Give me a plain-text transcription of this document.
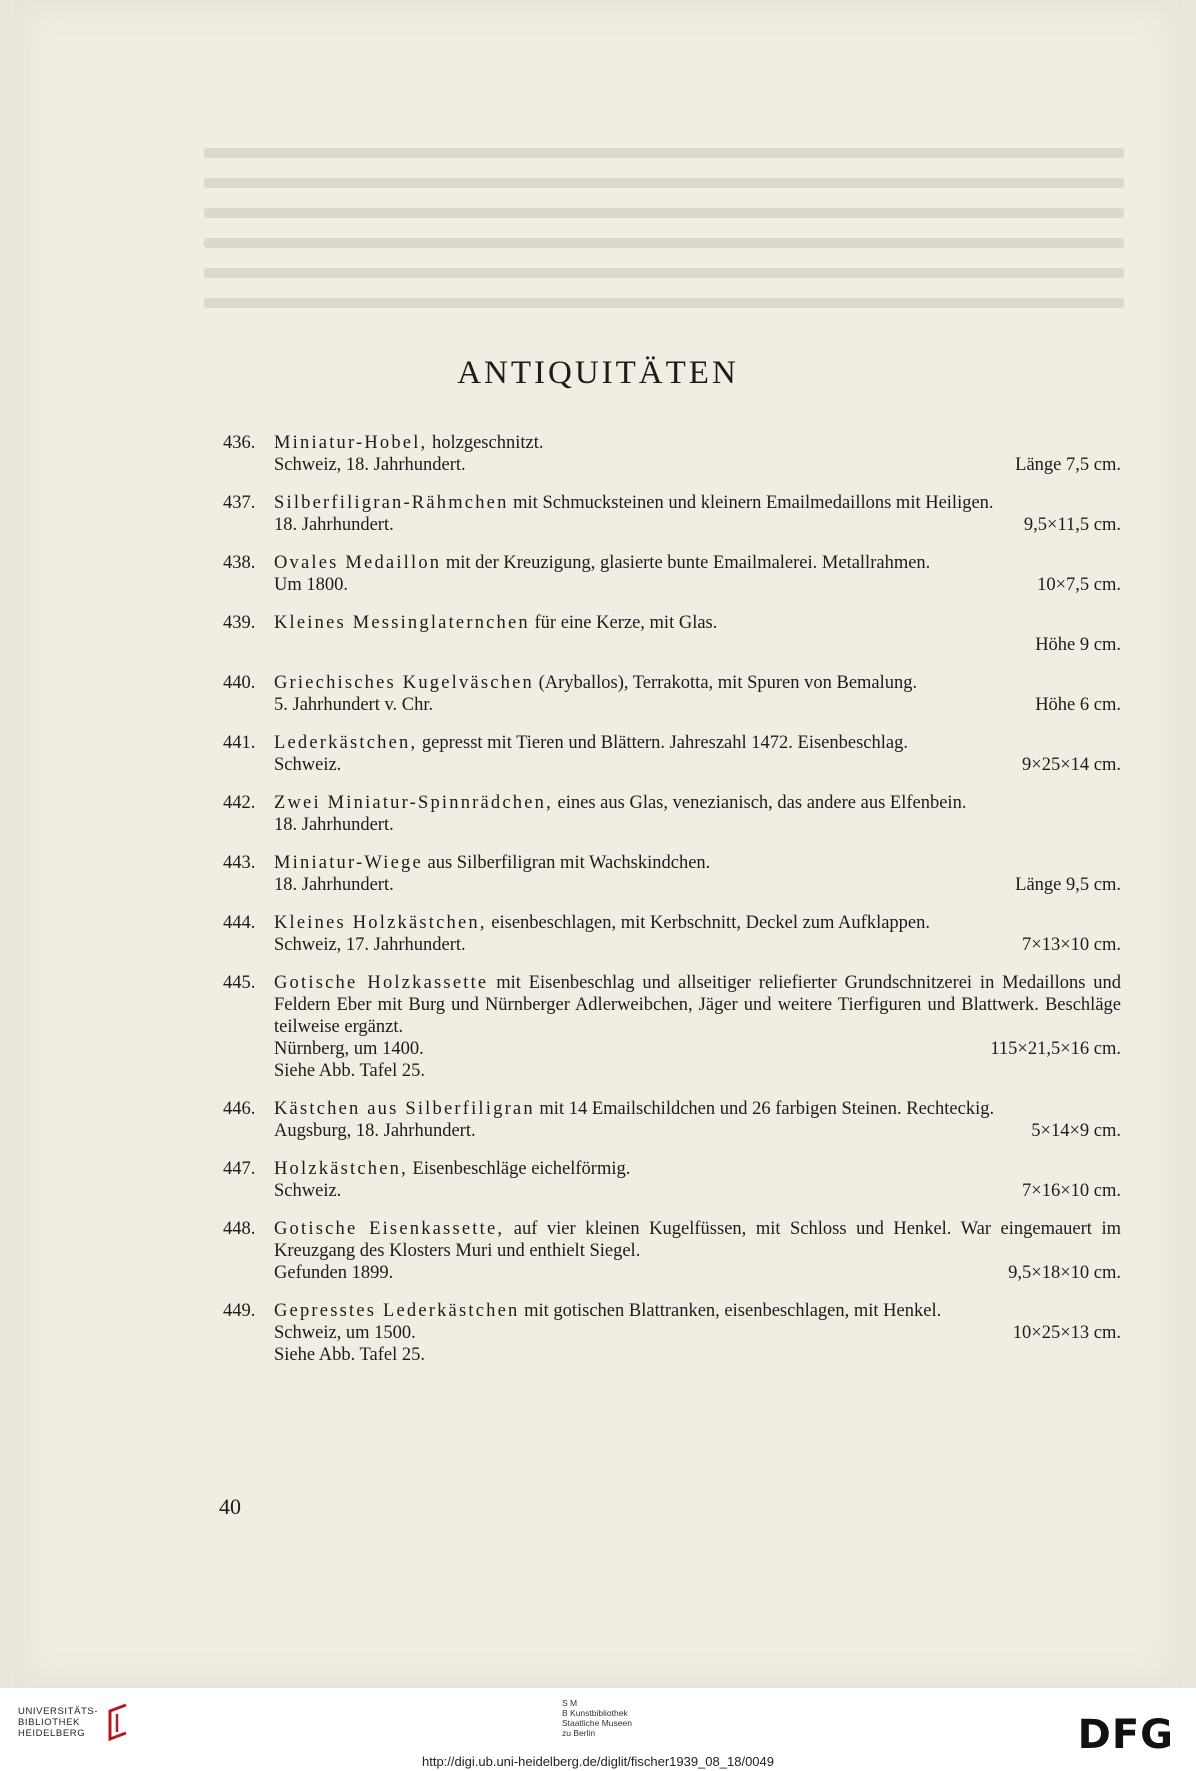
ANTIQUITÄTEN
436.	Miniatur-Hobel, holzgeschnitzt.
Schweiz, 18. Jahrhundert.	Länge 7,5 cm.
437.	Silberfiligran-Rähmchen mit Schmucksteinen und kleinern Emailmedaillons mit Heiligen.
18. Jahrhundert.	9,5×11,5 cm.
438.	Ovales Medaillon mit der Kreuzigung, glasierte bunte Emailmalerei. Metallrahmen.
Um 1800.	10×7,5 cm.
439.	Kleines Messinglaternchen für eine Kerze, mit Glas.
Höhe 9 cm.
440.	Griechisches Kugelväschen (Aryballos), Terrakotta, mit Spuren von Bemalung.
5. Jahrhundert v. Chr.	Höhe 6 cm.
441.	Lederkästchen, gepresst mit Tieren und Blättern. Jahreszahl 1472. Eisenbeschlag.
Schweiz.	9×25×14 cm.
442.	Zwei Miniatur-Spinnrädchen, eines aus Glas, venezianisch, das andere aus Elfenbein.
18. Jahrhundert.
443.	Miniatur-Wiege aus Silberfiligran mit Wachskindchen.
18. Jahrhundert.	Länge 9,5 cm.
444.	Kleines Holzkästchen, eisenbeschlagen, mit Kerbschnitt, Deckel zum Aufklappen.
Schweiz, 17. Jahrhundert.	7×13×10 cm.
445.	Gotische Holzkassette mit Eisenbeschlag und allseitiger reliefierter Grundschnitzerei in Medaillons und Feldern Eber mit Burg und Nürnberger Adlerweibchen, Jäger und weitere Tierfiguren und Blattwerk. Beschläge teilweise ergänzt.
Nürnberg, um 1400.	115×21,5×16 cm.
Siehe Abb. Tafel 25.
446.	Kästchen aus Silberfiligran mit 14 Emailschildchen und 26 farbigen Steinen. Rechteckig.
Augsburg, 18. Jahrhundert.	5×14×9 cm.
447.	Holzkästchen, Eisenbeschläge eichelförmig.
Schweiz.	7×16×10 cm.
448.	Gotische Eisenkassette, auf vier kleinen Kugelfüssen, mit Schloss und Henkel. War eingemauert im Kreuzgang des Klosters Muri und enthielt Siegel.
Gefunden 1899.	9,5×18×10 cm.
449.	Gepresstes Lederkästchen mit gotischen Blattranken, eisenbeschlagen, mit Henkel.
Schweiz, um 1500.	10×25×13 cm.
Siehe Abb. Tafel 25.
40
UNIVERSITÄTS-
BIBLIOTHEK
HEIDELBERG
S M
B Kunstbibliothek
Staatliche Museen
zu Berlin	DFG
http://digi.ub.uni-heidelberg.de/diglit/fischer1939_08_18/0049
